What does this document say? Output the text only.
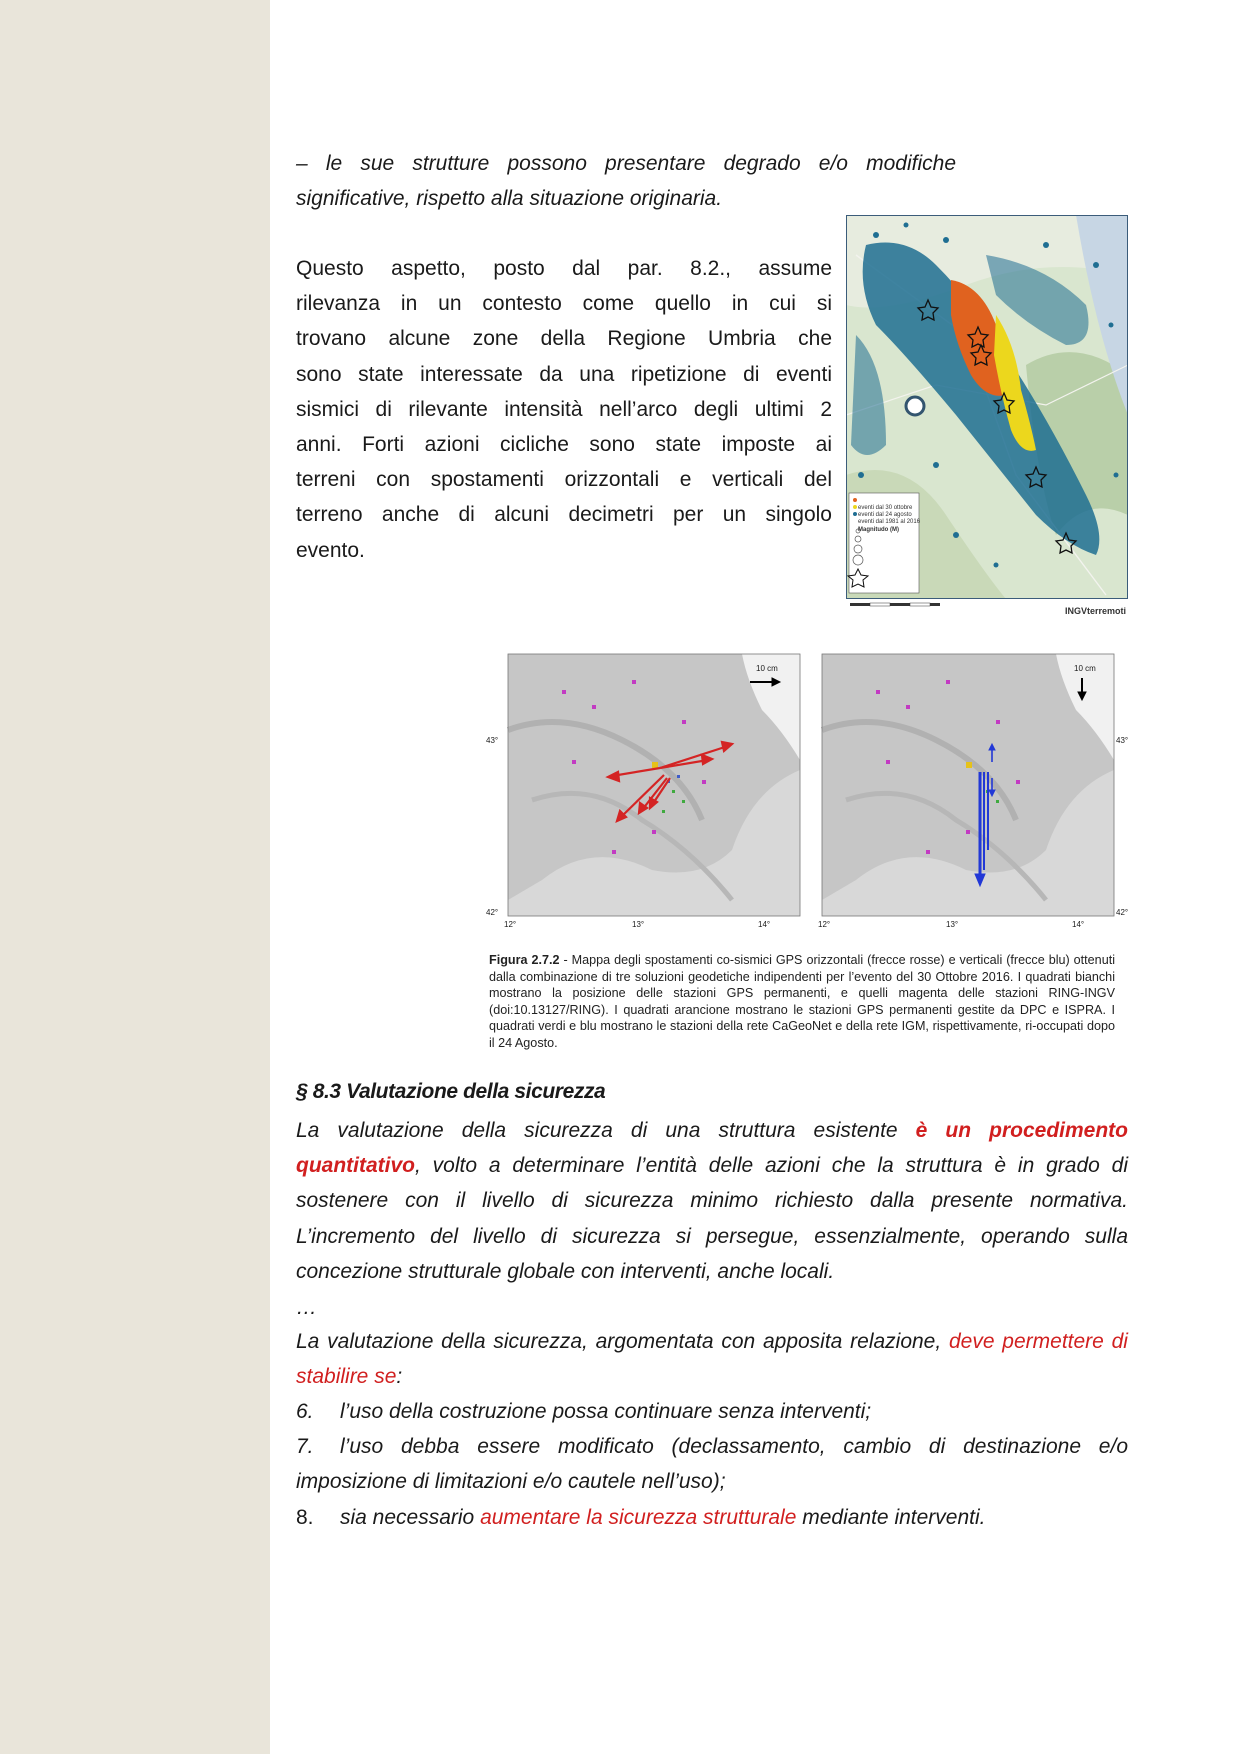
– le sue strutture possono presentare degrado e/o modifiche
significative, rispetto alla situazione originaria.
Questo aspetto, posto dal par. 8.2., assume
rilevanza in un contesto come quello in cui si
trovano alcune zone della Regione Umbria che
sono state interessate da una ripetizione di eventi
sismici di rilevante intensità nell’arco degli ultimi 2
anni. Forti azioni cicliche sono state imposte ai
terreni con spostamenti orizzontali e verticali del
terreno anche di alcuni decimetri per un singolo
evento.
eventi dal 30 ottobre
eventi dal 24 agosto
eventi dal 1981 al 2016
Magnitudo (M)
INGVterremoti
10 cm	10 cm
43°
42°
43°
42°
12°	13°	14°	12°	13°	14°
Figura 2.7.2 - Mappa degli spostamenti co-sismici GPS orizzontali (frecce rosse) e verticali (frecce blu) ottenuti dalla combinazione di tre soluzioni geodetiche indipendenti per l’evento del 30 Ottobre 2016. I quadrati bianchi mostrano la posizione delle stazioni GPS permanenti, e quelli magenta delle stazioni RING-INGV (doi:10.13127/RING). I quadrati arancione mostrano le stazioni GPS permanenti gestite da DPC e ISPRA. I quadrati verdi e blu mostrano le stazioni della rete CaGeoNet e della rete IGM, rispettivamente, ri-occupati dopo il 24 Agosto.
§ 8.3 Valutazione della sicurezza
La valutazione della sicurezza di una struttura esistente è un procedimento quantitativo, volto a determinare l’entità delle azioni che la struttura è in grado di sostenere con il livello di sicurezza minimo richiesto dalla presente normativa. L’incremento del livello di sicurezza si persegue, essenzialmente, operando sulla concezione strutturale globale con interventi, anche locali.
…
La valutazione della sicurezza, argomentata con apposita relazione, deve permettere di stabilire se:
6.	l’uso della costruzione possa continuare senza interventi;
7. l’uso debba essere modificato (declassamento, cambio di destinazione e/o imposizione di limitazioni e/o cautele nell’uso);
8.	sia necessario aumentare la sicurezza strutturale mediante interventi.
